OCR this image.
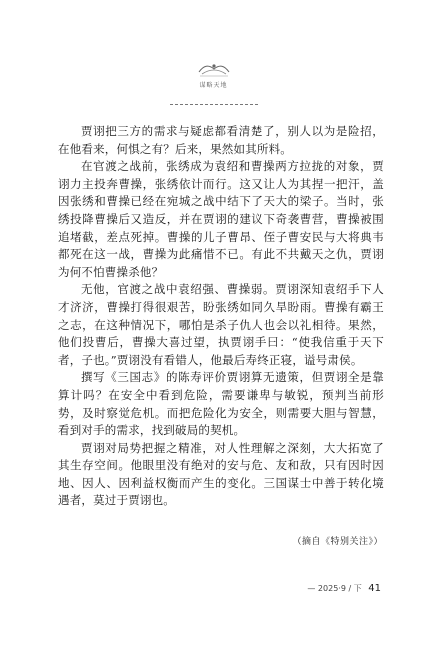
谋略天地

贾诩把三方的需求与疑虑都看清楚了，别人以为是险招，在他看来，何惧之有？后来，果然如其所料。

在官渡之战前，张绣成为袁绍和曹操两方拉拢的对象，贾诩力主投奔曹操，张绣依计而行。这又让人为其捏一把汗，盖因张绣和曹操已经在宛城之战中结下了天大的梁子。当时，张绣投降曹操后又造反，并在贾诩的建议下奇袭曹营，曹操被围追堵截，差点死掉。曹操的儿子曹昂、侄子曹安民与大将典韦都死在这一战，曹操为此痛惜不已。有此不共戴天之仇，贾诩为何不怕曹操杀他？

无他，官渡之战中袁绍强、曹操弱。贾诩深知袁绍手下人才济济，曹操打得很艰苦，盼张绣如同久旱盼雨。曹操有霸王之志，在这种情况下，哪怕是杀子仇人也会以礼相待。果然，他们投曹后，曹操大喜过望，执贾诩手曰：“使我信重于天下者，子也。”贾诩没有看错人，他最后寿终正寝，谥号肃侯。

撰写《三国志》的陈寿评价贾诩算无遗策，但贾诩全是靠算计吗？在安全中看到危险，需要谦卑与敏锐，预判当前形势，及时察觉危机。而把危险化为安全，则需要大胆与智慧，看到对手的需求，找到破局的契机。

贾诩对局势把握之精准，对人性理解之深刻，大大拓宽了其生存空间。他眼里没有绝对的安与危、友和敌，只有因时因地、因人、因利益权衡而产生的变化。三国谋士中善于转化境遇者，莫过于贾诩也。

（摘自《特别关注》）
— 2025·9 / 下 41
